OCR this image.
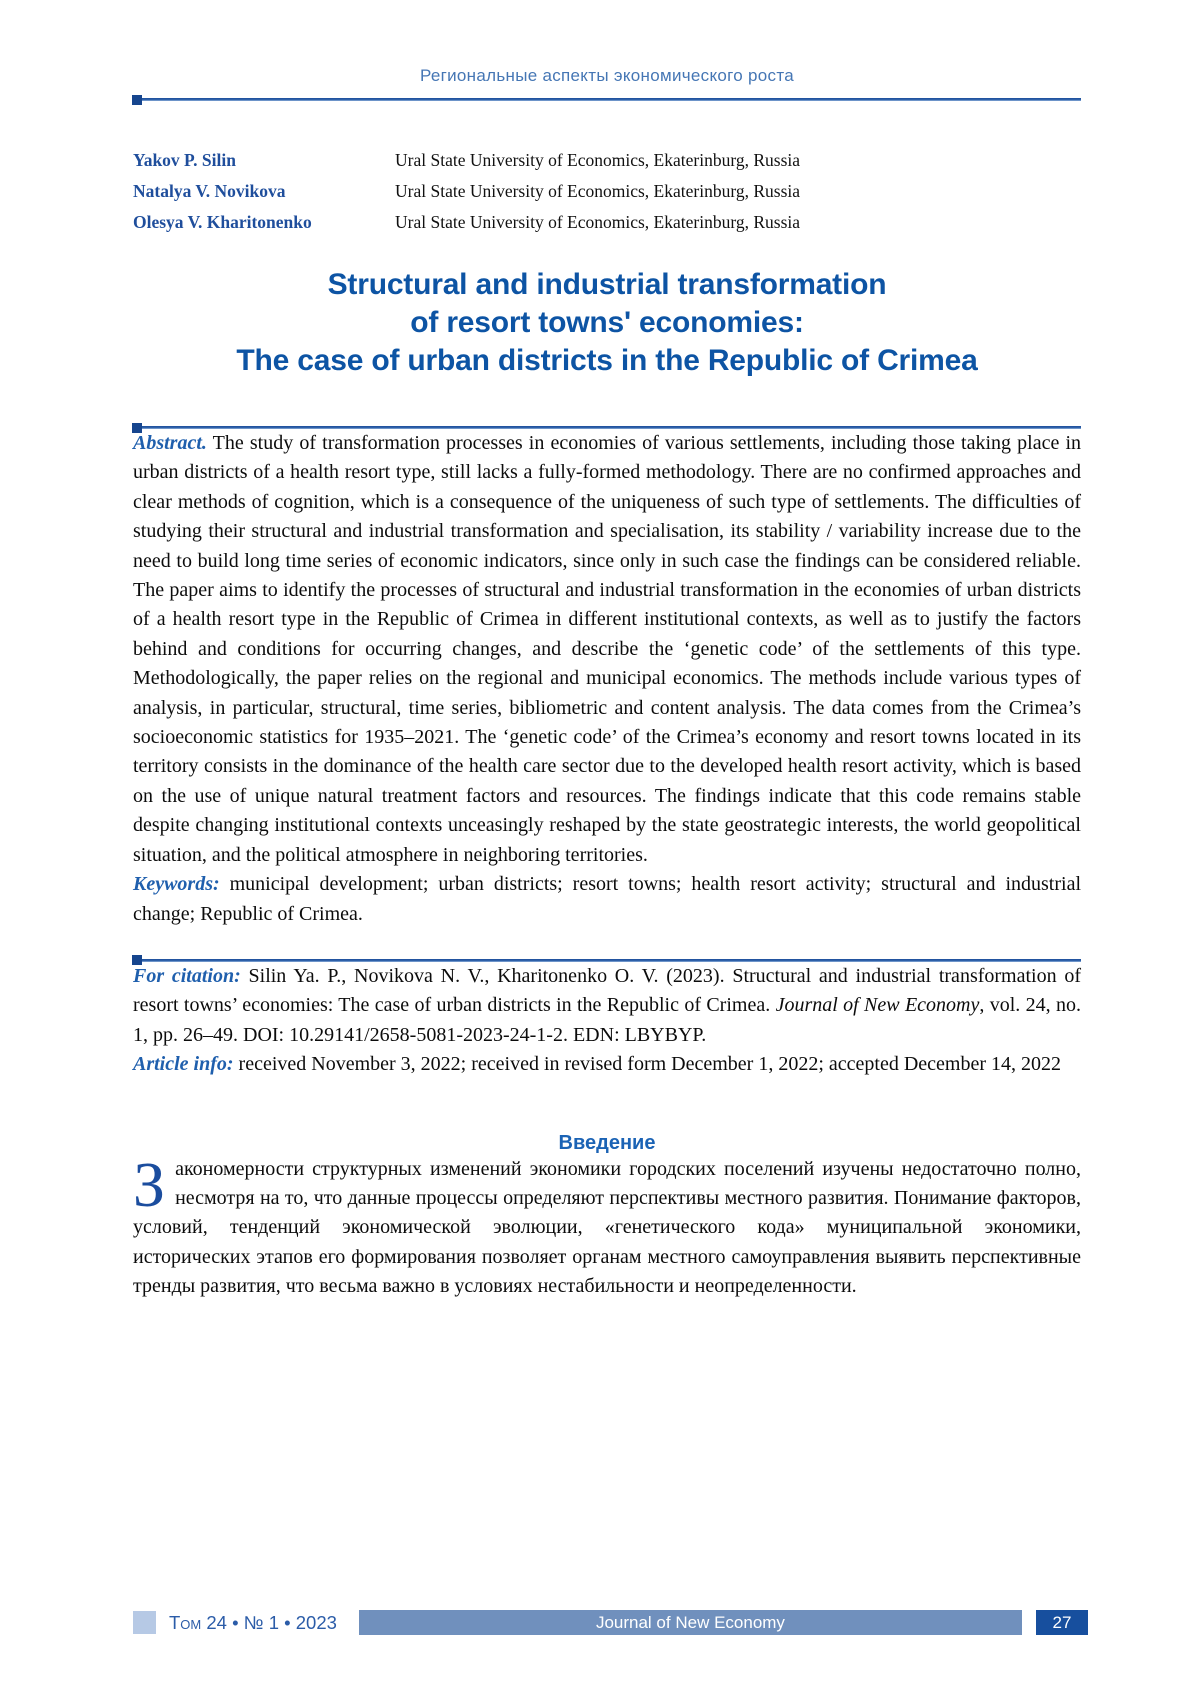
Региональные аспекты экономического роста
Yakov P. Silin	Ural State University of Economics, Ekaterinburg, Russia
Natalya V. Novikova	Ural State University of Economics, Ekaterinburg, Russia
Olesya V. Kharitonenko	Ural State University of Economics, Ekaterinburg, Russia
Structural and industrial transformation
of resort towns' economies:
The case of urban districts in the Republic of Crimea

Abstract. The study of transformation processes in economies of various settlements, including those taking place in urban districts of a health resort type, still lacks a fully-formed methodology. There are no confirmed approaches and clear methods of cognition, which is a consequence of the uniqueness of such type of settlements. The difficulties of studying their structural and industrial transformation and specialisation, its stability / variability increase due to the need to build long time series of economic indicators, since only in such case the findings can be considered reliable. The paper aims to identify the processes of structural and industrial transformation in the economies of urban districts of a health resort type in the Republic of Crimea in different institutional contexts, as well as to justify the factors behind and conditions for occurring changes, and describe the ‘genetic code’ of the settlements of this type. Methodologically, the paper relies on the regional and municipal economics. The methods include various types of analysis, in particular, structural, time series, bibliometric and content analysis. The data comes from the Crimea’s socioeconomic statistics for 1935–2021. The ‘genetic code’ of the Crimea’s economy and resort towns located in its territory consists in the dominance of the health care sector due to the developed health resort activity, which is based on the use of unique natural treatment factors and resources. The findings indicate that this code remains stable despite changing institutional contexts unceasingly reshaped by the state geostrategic interests, the world geopolitical situation, and the political atmosphere in neighboring territories.

Keywords: municipal development; urban districts; resort towns; health resort activity; structural and industrial change; Republic of Crimea.

For citation: Silin Ya. P., Novikova N. V., Kharitonenko O. V. (2023). Structural and industrial transformation of resort towns’ economies: The case of urban districts in the Republic of Crimea. Journal of New Economy, vol. 24, no. 1, pp. 26–49. DOI: 10.29141/2658-5081-2023-24-1-2. EDN: LBYBYP.

Article info: received November 3, 2022; received in revised form December 1, 2022; accepted December 14, 2022

Введение

Закономерности структурных изменений экономики городских поселений изучены недостаточно полно, несмотря на то, что данные процессы определяют перспективы местного развития. Понимание факторов, условий, тенденций экономической эволюции, «генетического кода» муниципальной экономики, исторических этапов его формирования позволяет органам местного самоуправления выявить перспективные тренды развития, что весьма важно в условиях нестабильности и неопределенности.

Том 24 • № 1 • 2023	Journal of New Economy	27
